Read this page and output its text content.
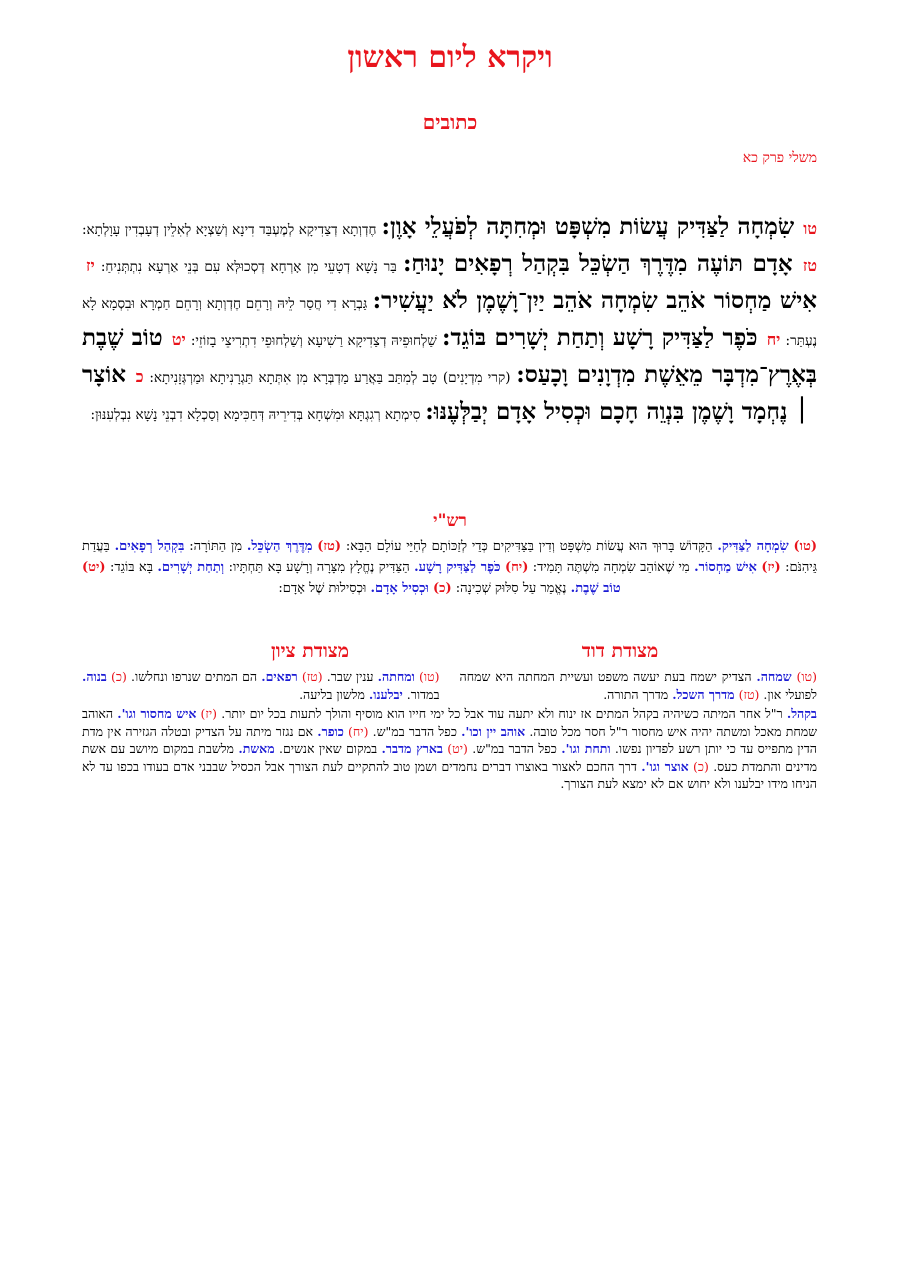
ויקרא ליום ראשון
כתובים
משלי פרק כא
טו שִׂמְחָה לַצַּדִּיק עֲשׂוֹת מִשְׁפָּט וּמְחִתָּה לְפֹעֲלֵי אָוֶן: חֶדְוְתָא דְצַדִיקָא לְמֶעְבַּד דִינָא וְשַׁצְיָא לְאִלֵין דְעָבְדִין עָוָלְתָא: טז אָדָם תּוֹעֶה מִדֶּרֶךְ הַשְׂכֵּל בִּקְהַל רְפָאִים יָנוּחַ: בַּר נָשָׁא דְטָעֵי מִן אָרְחָא דְסְכוּלְּא עִם בְּנֵי אַרְעָא נִתְתְּנִיחַ: יז אִישׁ מַחְסוֹר אֹהֵב שִׂמְחָה אֹהֵב יַיִן־וָשֶׁמֶן לֹא יַעֲשִׁיר: גַּבְרָא דִי חֲסַר לֵיהּ וְרָחֵם חֶדְוְתָא וְרָחֵם חַמְרָא וּבִסְמָא לָא נֶעְתַּר: יח כֹּפֶר לַצַּדִּיק רָשָׁע וְתַחַת יְשָׁרִים בּוֹגֵד: שַׁלְחוּפֵיהּ דְצַדִיקָא רַשִׁיעָא וְשַׁלְחוּפֵי דִתְרִיצֵי בָזוֹזֵי: יט טוֹב שֶׁבֶת בְּאֶרֶץ־מִדְבָּר מֵאֵשֶׁת מִדְוָנִים וָכָעַס: (קרי מִדְיָנִים) טָב לְמִתַּב בַּאֲרַע מַדְבְּרָא מִן אִתְּתָא תַּגְרָנִיתָא וּמַרְגְּזָנִיתָא: כ אוֹצָר ׀ נֶחְמָד וָשֶׁמֶן בִּנְוֵה חָכָם וּכְסִיל אָדָם יְבַלְּעֶנּוּ: סִימְתָא רְגִגְתָּא וּמִשְׁחָא בְּדִירֵיהּ דְּחַכִּימָא וְסַכְלָא דִבְנֵי נָשָׁא נִבְלְעִנּוּן:
רש"י
(טו) שִׂמְחָה לַצַּדִּיק. הַקָּדוֹשׁ בָּרוּךְ הוּא עֲשׂוֹת מִשְׁפָּט וְדִין בַּצַּדִּיקִים כְּדֵי לְזַכּוֹתָם לְחַיֵּי עוֹלָם הַבָּא: (טז) מִדֶּרֶךְ הַשְׂכֵּל. מִן הַתּוֹרָה: בִּקְהַל רְפָאִים. בַּעֲדַת גֵּיהִנֹּם: (יז) אִישׁ מַחְסוֹר. מִי שֶׁאוֹהֵב שִׂמְחָה מִשְׁתֶּה תָּמִיד: (יח) כֹּפֶר לַצַּדִּיק רָשָׁע. הַצַּדִּיק נֶחֱלָץ מִצָּרָה וְרָשָׁע בָּא תַּחְתָּיו: וְתַחַת יְשָׁרִים. בָּא בּוֹגֵד: (יט) טוֹב שֶׁבֶת. נֶאֱמַר עַל סִלּוּק שְׁכִינָה: (כ) וּכְסִיל אָדָם. וּכְסִילוּת שֶׁל אָדָם:
מצודת דוד
מצודת ציון
(טו) שמחה. הצדיק ישמח בעת יעשה משפט ועשיית המחתה היא שמחה לפועלי און. (טז) מדרך השכל. מדרך התורה.
(טו) ומחתה. ענין שבר. (טז) רפאים. הם המתים שנרפו ונחלשו. (כ) בנוה. במדור. יבלענו. מלשון בליעה.
בקהל. ר"ל אחר המיתה כשיהיה בקהל המתים אז ינוח ולא יתעה עוד אבל כל ימי חייו הוא מוסיף והולך לתעות בכל יום יותר. (יז) איש מחסור וגו'. האוהב שמחת מאכל ומשתה יהיה איש מחסור ר"ל חסר מכל טובה. אוהב יין וכו'. כפל הדבר במ"ש. (יח) כופר. אם נגזר מיתה על הצדיק ובטלה הגזירה אין מדת הדין מתפייס עד כי יותן רשע לפדיון נפשו. ותחת וגו'. כפל הדבר במ"ש. (יט) בארץ מדבר. במקום שאין אנשים. מאשת. מלשבת במקום מיושב עם אשת מדינים והתמדת כעס. (כ) אוצר וגו'. דרך החכם לאצור באוצרו דברים נחמדים ושמן טוב להתקיים לעת הצורך אבל הכסיל שבבני אדם בעודו בכפו עד לא הניחו מידו יבלענו ולא יחוש אם לא ימצא לעת הצורך.
